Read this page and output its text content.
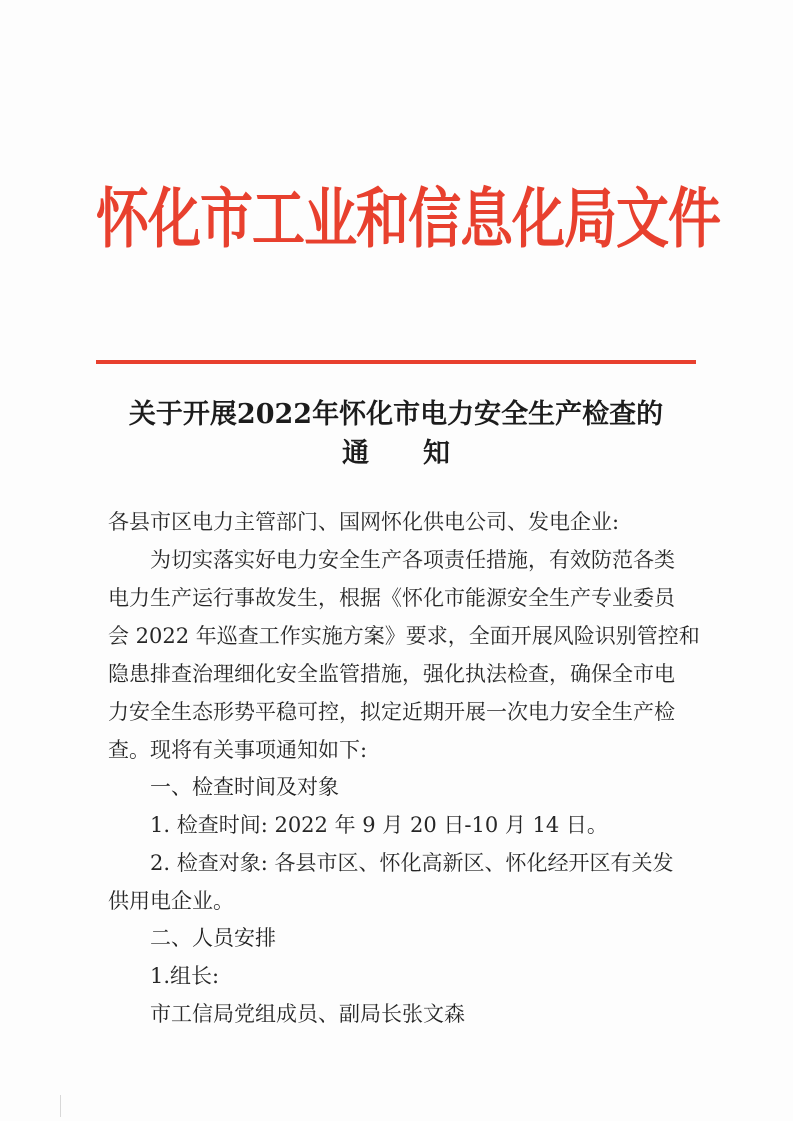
怀化市工业和信息化局文件
关于开展2022年怀化市电力安全生产检查的
通　　知
各县市区电力主管部门、国网怀化供电公司、发电企业:
为切实落实好电力安全生产各项责任措施，有效防范各类
电力生产运行事故发生，根据《怀化市能源安全生产专业委员
会 2022 年巡查工作实施方案》要求，全面开展风险识别管控和
隐患排查治理细化安全监管措施，强化执法检查，确保全市电
力安全生态形势平稳可控，拟定近期开展一次电力安全生产检
查。现将有关事项通知如下:
一、检查时间及对象
1. 检查时间: 2022 年 9 月 20 日-10 月 14 日。
2. 检查对象: 各县市区、怀化高新区、怀化经开区有关发
供用电企业。
二、人员安排
1.组长:
市工信局党组成员、副局长张文森
